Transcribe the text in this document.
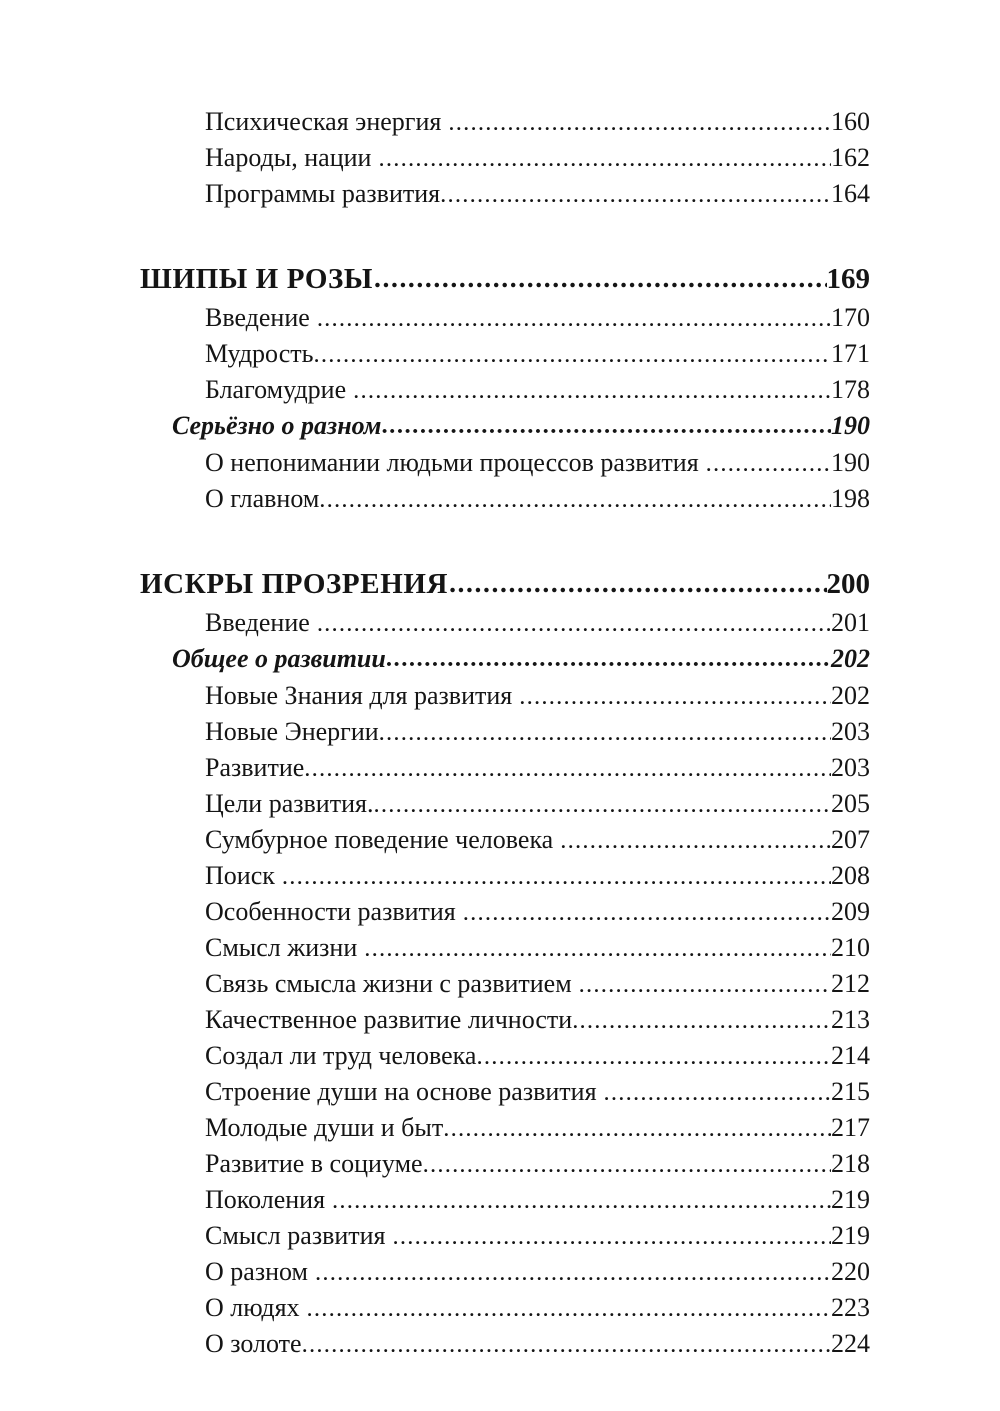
Психическая энергия .....	160
Народы, нации .....	162
Программы развития .....	164
ШИПЫ И РОЗЫ .....	169
Введение .....	170
Мудрость .....	171
Благомудрие .....	178
Серьёзно о разном .....	190
О непонимании людьми процессов развития .....	190
О главном .....	198
ИСКРЫ ПРОЗРЕНИЯ .....	200
Введение .....	201
Общее о развитии .....	202
Новые Знания для развития .....	202
Новые Энергии .....	203
Развитие .....	203
Цели развития. .....	205
Сумбурное поведение человека .....	207
Поиск .....	208
Особенности развития .....	209
Смысл жизни .....	210
Связь смысла жизни с развитием .....	212
Качественное развитие личности .....	213
Создал ли труд человека .....	214
Строение души на основе развития .....	215
Молодые души и быт .....	217
Развитие в социуме .....	218
Поколения .....	219
Смысл развития .....	219
О разном .....	220
О людях .....	223
О золоте .....	224
